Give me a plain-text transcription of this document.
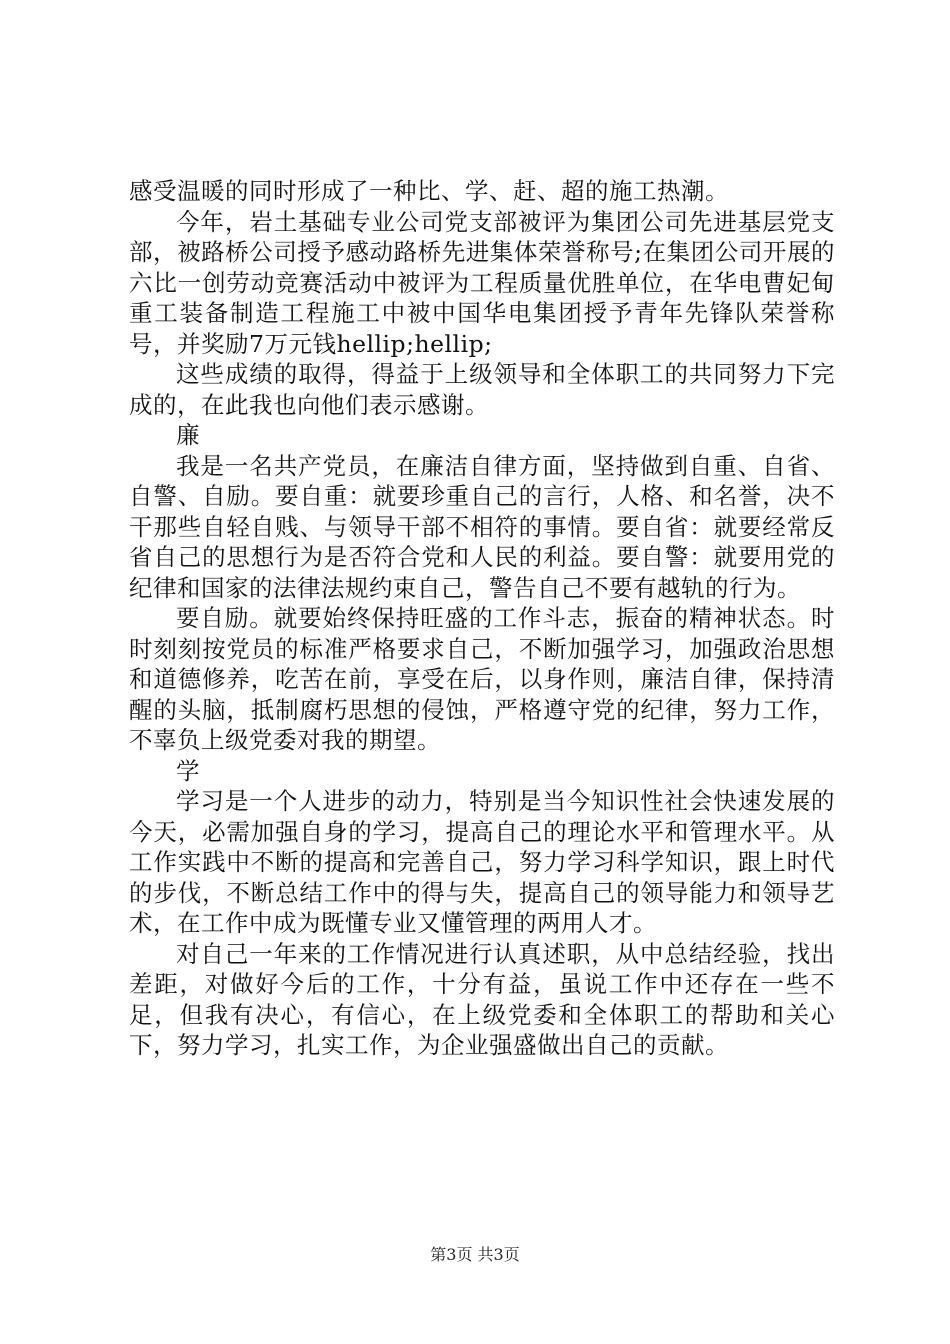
感受温暖的同时形成了一种比、学、赶、超的施工热潮。

今年，岩土基础专业公司党支部被评为集团公司先进基层党支部，被路桥公司授予感动路桥先进集体荣誉称号;在集团公司开展的六比一创劳动竞赛活动中被评为工程质量优胜单位，在华电曹妃甸重工装备制造工程施工中被中国华电集团授予青年先锋队荣誉称号，并奖励7万元钱hellip;hellip;

这些成绩的取得，得益于上级领导和全体职工的共同努力下完成的，在此我也向他们表示感谢。

廉

我是一名共产党员，在廉洁自律方面，坚持做到自重、自省、自警、自励。要自重：就要珍重自己的言行，人格、和名誉，决不干那些自轻自贱、与领导干部不相符的事情。要自省：就要经常反省自己的思想行为是否符合党和人民的利益。要自警：就要用党的纪律和国家的法律法规约束自己，警告自己不要有越轨的行为。

要自励。就要始终保持旺盛的工作斗志，振奋的精神状态。时时刻刻按党员的标准严格要求自己，不断加强学习，加强政治思想和道德修养，吃苦在前，享受在后，以身作则，廉洁自律，保持清醒的头脑，抵制腐朽思想的侵蚀，严格遵守党的纪律，努力工作，不辜负上级党委对我的期望。

学

学习是一个人进步的动力，特别是当今知识性社会快速发展的今天，必需加强自身的学习，提高自己的理论水平和管理水平。从工作实践中不断的提高和完善自己，努力学习科学知识，跟上时代的步伐，不断总结工作中的得与失，提高自己的领导能力和领导艺术，在工作中成为既懂专业又懂管理的两用人才。

对自己一年来的工作情况进行认真述职，从中总结经验，找出差距，对做好今后的工作，十分有益，虽说工作中还存在一些不足，但我有决心，有信心，在上级党委和全体职工的帮助和关心下，努力学习，扎实工作，为企业强盛做出自己的贡献。

第3页 共3页
